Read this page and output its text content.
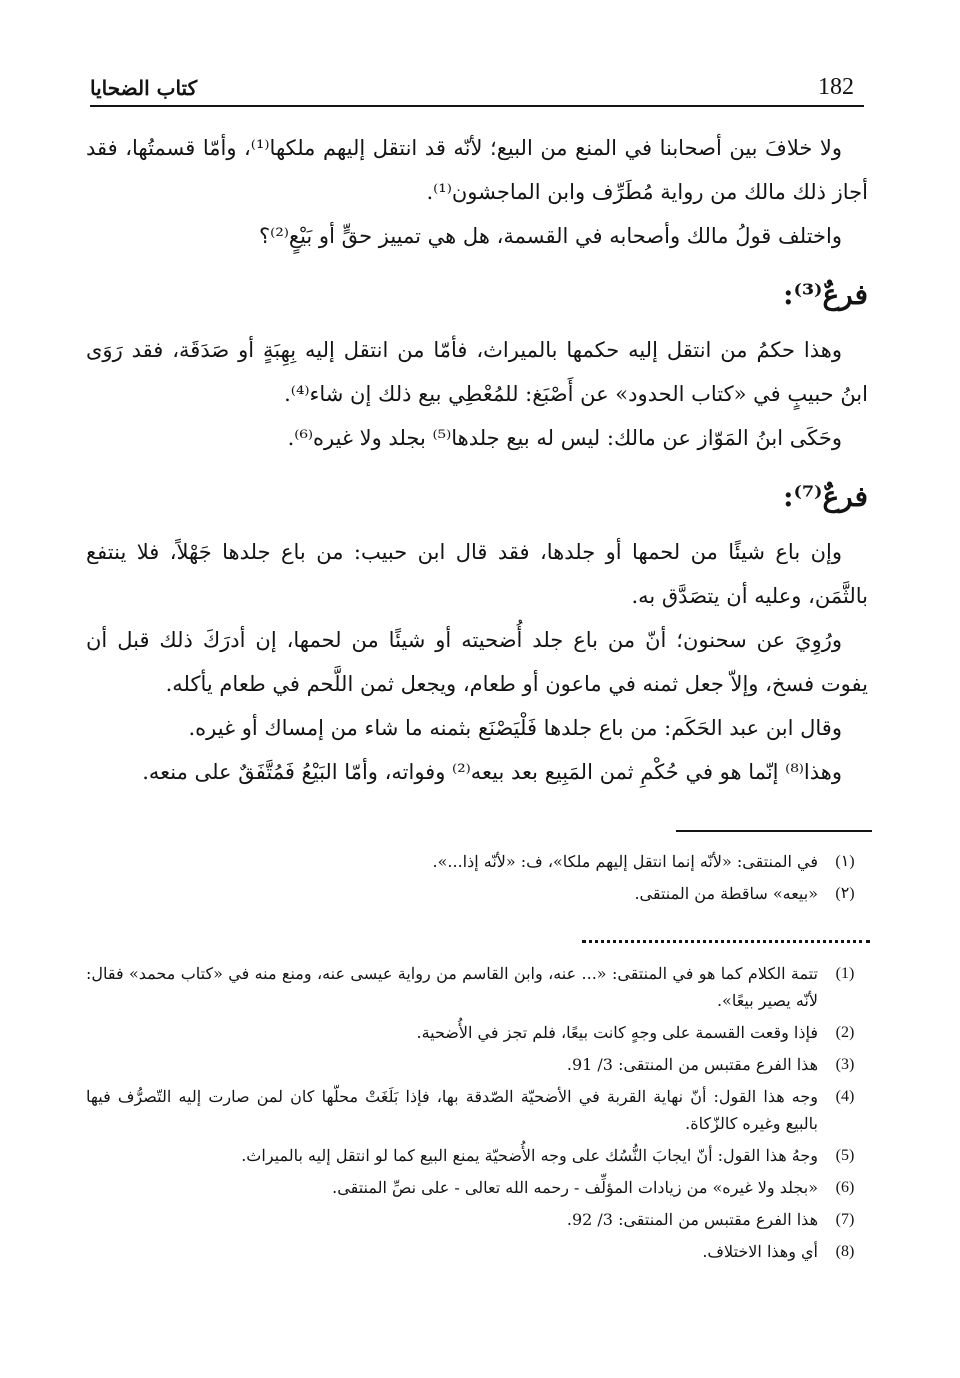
182
كتاب الضحايا

ولا خلافَ بين أصحابنا في المنع من البيع؛ لأنّه قد انتقل إليهم ملكها⁽¹⁾، وأمّا قسمتُها، فقد أجاز ذلك مالك من رواية مُطَرِّف وابن الماجشون⁽¹⁾.

واختلف قولُ مالك وأصحابه في القسمة، هل هي تمييز حقٍّ أو بَيْعٍ⁽²⁾؟

فرعٌ⁽³⁾:

وهذا حكمُ من انتقل إليه حكمها بالميراث، فأمّا من انتقل إليه بِهِبَةٍ أو صَدَقَة، فقد رَوَى ابنُ حبيبٍ في «كتاب الحدود» عن أَصْبَغ: للمُعْطِي بيع ذلك إن شاء⁽⁴⁾.

وحَكَى ابنُ المَوّاز عن مالك: ليس له بيع جلدها⁽⁵⁾ بجلد ولا غيره⁽⁶⁾.

فرعٌ⁽⁷⁾:

وإن باع شيئًا من لحمها أو جلدها، فقد قال ابن حبيب: من باع جلدها جَهْلاً، فلا ينتفع بالثَّمَن، وعليه أن يتصَدَّق به.

ورُوِيَ عن سحنون؛ أنّ من باع جلد أُضحيته أو شيئًا من لحمها، إن أدرَكَ ذلك قبل أن يفوت فسخ، وإلاّ جعل ثمنه في ماعون أو طعام، ويجعل ثمن اللَّحم في طعام يأكله.

وقال ابن عبد الحَكَم: من باع جلدها فَلْيَصْنَع بثمنه ما شاء من إمساك أو غيره.

وهذا⁽⁸⁾ إنّما هو في حُكْمِ ثمن المَبِيع بعد بيعه⁽²⁾ وفواته، وأمّا البَيْعُ فَمُتَّفَقٌ على منعه.

(١)
في المنتقى: «لأنّه إنما انتقل إليهم ملكا»، ف: «لأنّه إذا...».
(٢)
«بيعه» ساقطة من المنتقى.
(1)
تتمة الكلام كما هو في المنتقى: «... عنه، وابن القاسم من رواية عيسى عنه، ومنع منه في «كتاب محمد» فقال: لأنّه يصير بيعًا».
(2)
فإذا وقعت القسمة على وجهٍ كانت بيعًا، فلم تجز في الأُضحية.
(3)
هذا الفرع مقتبس من المنتقى: 3/ 91.
(4)
وجه هذا القول: أنّ نهاية القربة في الأضحيّة الصّدقة بها، فإذا بَلَغَتْ محلّها كان لمن صارت إليه التّصرُّف فيها بالبيع وغيره كالزّكاة.
(5)
وجهُ هذا القول: أنّ ايجابَ النُّسُك على وجه الأُضحيّة يمنع البيع كما لو انتقل إليه بالميراث.
(6)
«بجلد ولا غيره» من زيادات المؤلِّف - رحمه الله تعالى - على نصِّ المنتقى.
(7)
هذا الفرع مقتبس من المنتقى: 3/ 92.
(8)
أي وهذا الاختلاف.
